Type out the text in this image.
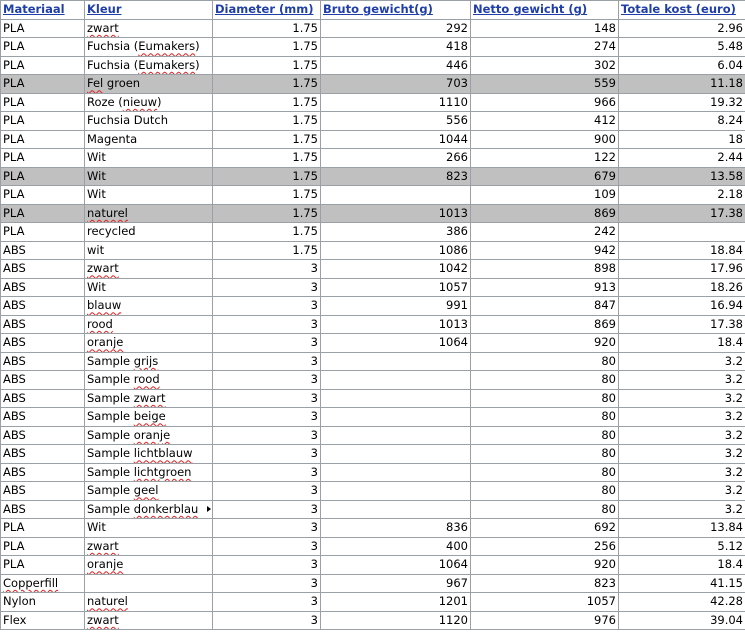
Materiaal	Kleur	Diameter (mm)	Bruto gewicht(g)	Netto gewicht (g)	Totale kost (euro)
PLA	zwart	1.75	292	148	2.96
PLA	Fuchsia (Eumakers)	1.75	418	274	5.48
PLA	Fuchsia (Eumakers)	1.75	446	302	6.04
PLA	Fel groen	1.75	703	559	11.18
PLA	Roze (nieuw)	1.75	1110	966	19.32
PLA	Fuchsia Dutch	1.75	556	412	8.24
PLA	Magenta	1.75	1044	900	18
PLA	Wit	1.75	266	122	2.44
PLA	Wit	1.75	823	679	13.58
PLA	Wit	1.75		109	2.18
PLA	naturel	1.75	1013	869	17.38
PLA	recycled	1.75	386	242	
ABS	wit	1.75	1086	942	18.84
ABS	zwart	3	1042	898	17.96
ABS	Wit	3	1057	913	18.26
ABS	blauw	3	991	847	16.94
ABS	rood	3	1013	869	17.38
ABS	oranje	3	1064	920	18.4
ABS	Sample grijs	3		80	3.2
ABS	Sample rood	3		80	3.2
ABS	Sample zwart	3		80	3.2
ABS	Sample beige	3		80	3.2
ABS	Sample oranje	3		80	3.2
ABS	Sample lichtblauw	3		80	3.2
ABS	Sample lichtgroen	3		80	3.2
ABS	Sample geel	3		80	3.2
ABS	Sample donkerblau	3		80	3.2
PLA	Wit	3	836	692	13.84
PLA	zwart	3	400	256	5.12
PLA	oranje	3	1064	920	18.4
Copperfill		3	967	823	41.15
Nylon	naturel	3	1201	1057	42.28
Flex	zwart	3	1120	976	39.04
